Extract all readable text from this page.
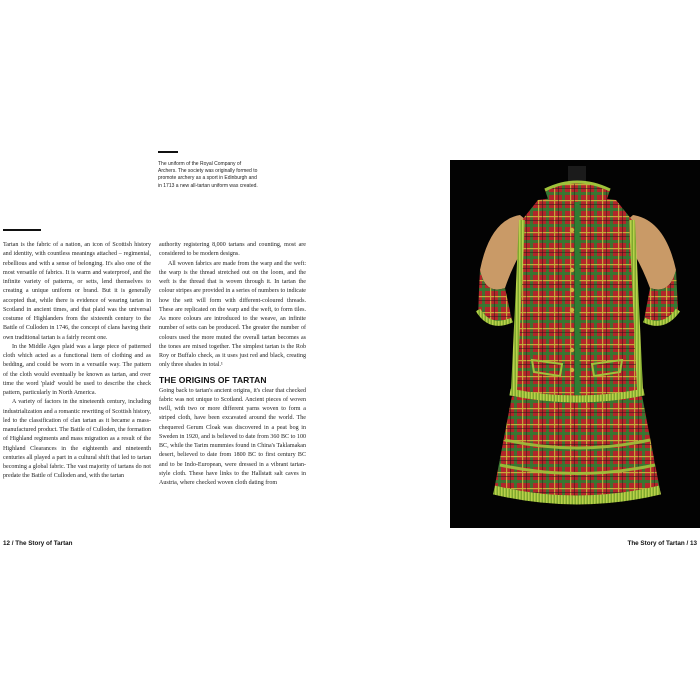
The uniform of the Royal Company of Archers. The society was originally formed to promote archery as a sport in Edinburgh and in 1713 a new all-tartan uniform was created.

Tartan is the fabric of a nation, an icon of Scottish history and identity, with countless meanings attached – regimental, rebellious and with a sense of belonging. It's also one of the most versatile of fabrics. It is warm and waterproof, and the infinite variety of patterns, or setts, lend themselves to creating a unique uniform or brand. But it is generally accepted that, while there is evidence of wearing tartan in Scotland in ancient times, and that plaid was the universal costume of Highlanders from the sixteenth century to the Battle of Culloden in 1746, the concept of clans having their own traditional tartan is a fairly recent one.

In the Middle Ages plaid was a large piece of patterned cloth which acted as a functional item of clothing and as bedding, and could be worn in a versatile way. The pattern of the cloth would eventually be known as tartan, and over time the word 'plaid' would be used to describe the check pattern, particularly in North America.

A variety of factors in the nineteenth century, including industrialization and a romantic rewriting of Scottish history, led to the classification of clan tartan as it became a mass-manufactured product. The Battle of Culloden, the formation of Highland regiments and mass migration as a result of the Highland Clearances in the eighteenth and nineteenth centuries all played a part in a cultural shift that led to tartan becoming a global fabric. The vast majority of tartans do not predate the Battle of Culloden and, with the tartan

authority registering 8,000 tartans and counting, most are considered to be modern designs.

All woven fabrics are made from the warp and the weft: the warp is the thread stretched out on the loom, and the weft is the thread that is woven through it. In tartan the colour stripes are provided in a series of numbers to indicate how the sett will form with different-coloured threads. These are replicated on the warp and the weft, to form tiles. As more colours are introduced to the weave, an infinite number of setts can be produced. The greater the number of colours used the more muted the overall tartan becomes as the tones are mixed together. The simplest tartan is the Rob Roy or Buffalo check, as it uses just red and black, creating only three shades in total.¹

THE ORIGINS OF TARTAN

Going back to tartan's ancient origins, it's clear that checked fabric was not unique to Scotland. Ancient pieces of woven twill, with two or more different yarns woven to form a striped cloth, have been excavated around the world. The chequered Gerum Cloak was discovered in a peat bog in Sweden in 1920, and is believed to date from 360 BC to 100 BC, while the Tarim mummies found in China's Taklamakan desert, believed to date from 1800 BC to first century BC and to be Indo-European, were dressed in a vibrant tartan-style cloth. These have links to the Hallstatt salt caves in Austria, where checked woven cloth dating from

12 / The Story of Tartan	The Story of Tartan / 13
